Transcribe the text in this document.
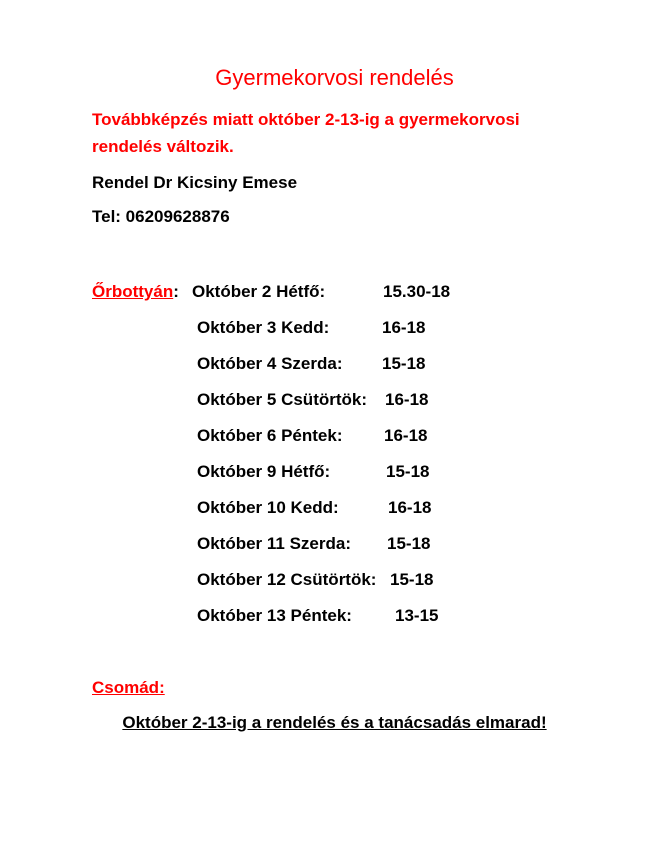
Gyermekorvosi rendelés

Továbbképzés miatt október 2-13-ig a gyermekorvosi rendelés változik.

Rendel Dr Kicsiny Emese

Tel: 06209628876

Őrbottyán: Október 2 Hétfő:	15.30-18
Október 3 Kedd:	16-18
Október 4 Szerda: 15-18
Október 5 Csütörtök: 16-18
Október 6 Péntek: 16-18
Október 9 Hétfő:	15-18
Október 10 Kedd:	16-18
Október 11 Szerda: 15-18
Október 12 Csütörtök: 15-18
Október 13 Péntek:	13-15

Csomád:

Október 2-13-ig a rendelés és a tanácsadás elmarad!
